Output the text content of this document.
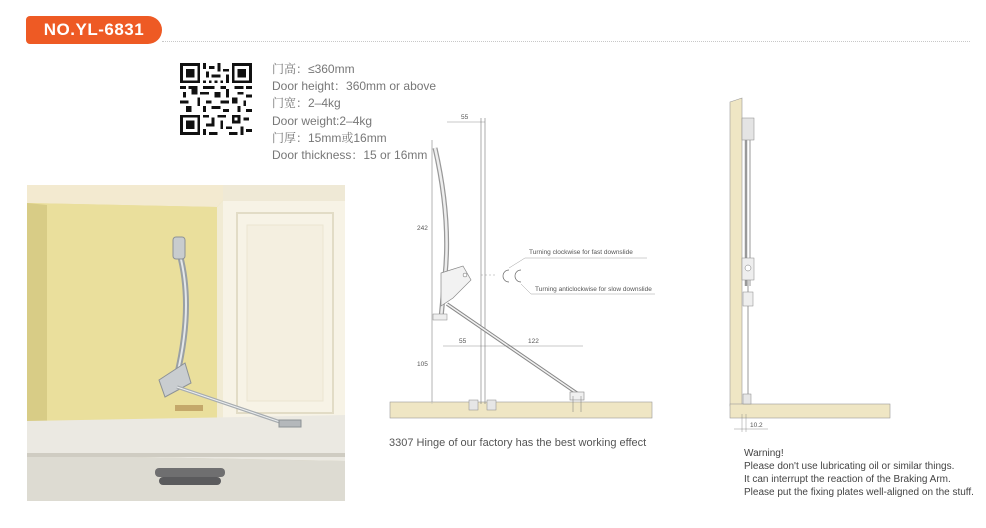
NO.YL-6831
门高：≤360mm
Door height：360mm or above
门宽：2–4kg
Door weight:2–4kg
门厚：15mm或16mm
Door thickness：15 or 16mm
Turning clockwise for fast downslide
Turning anticlockwise for slow downslide
55
242
55	122
105
3307 Hinge of our factory has the best working effect
10.2
Warning!
Please don't use lubricating oil or similar things.
It can interrupt the reaction of the Braking Arm.
Please put the fixing plates well-aligned on the stuff.
